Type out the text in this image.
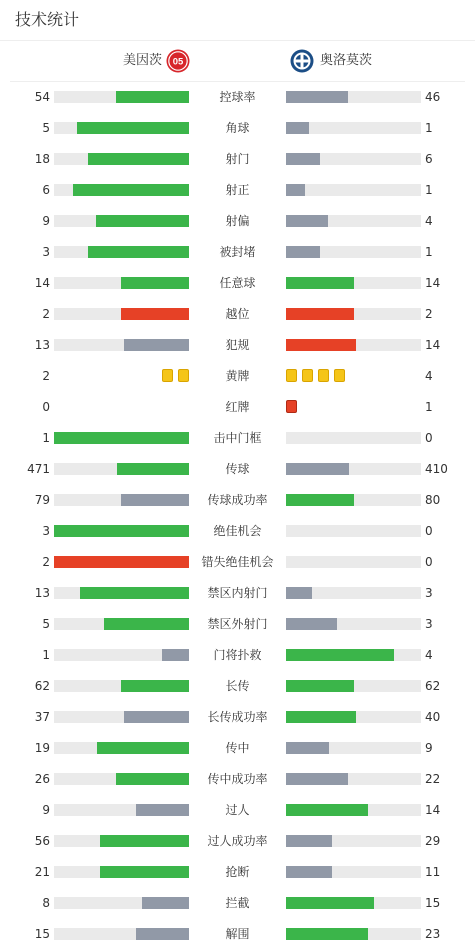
技术统计
美因茨 05	奥洛莫茨
54	控球率	46
5	角球	1
18	射门	6
6	射正	1
9	射偏	4
3	被封堵	1
14	任意球	14
2	越位	2
13	犯规	14
2	黄牌	4
0	红牌	1
1	击中门框	0
471	传球	410
79	传球成功率	80
3	绝佳机会	0
2	错失绝佳机会	0
13	禁区内射门	3
5	禁区外射门	3
1	门将扑救	4
62	长传	62
37	长传成功率	40
19	传中	9
26	传中成功率	22
9	过人	14
56	过人成功率	29
21	抢断	11
8	拦截	15
15	解围	23
